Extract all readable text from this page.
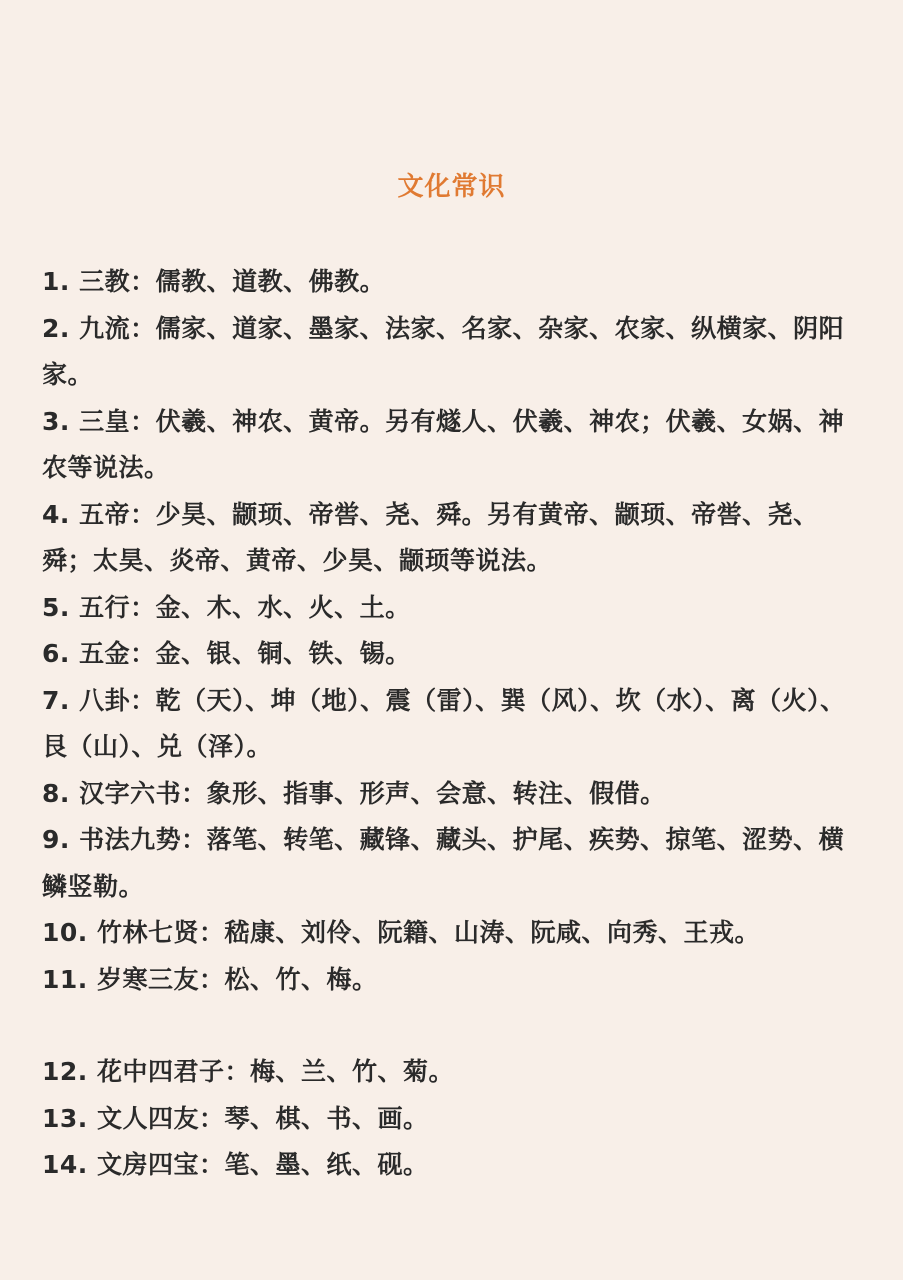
文化常识
1. 三教：儒教、道教、佛教。
2. 九流：儒家、道家、墨家、法家、名家、杂家、农家、纵横家、阴阳家。
3. 三皇：伏羲、神农、黄帝。另有燧人、伏羲、神农；伏羲、女娲、神农等说法。
4. 五帝：少昊、颛顼、帝喾、尧、舜。另有黄帝、颛顼、帝喾、尧、舜；太昊、炎帝、黄帝、少昊、颛顼等说法。
5. 五行：金、木、水、火、土。
6. 五金：金、银、铜、铁、锡。
7. 八卦：乾（天）、坤（地）、震（雷）、巽（风）、坎（水）、离（火）、艮（山）、兑（泽）。
8. 汉字六书：象形、指事、形声、会意、转注、假借。
9. 书法九势：落笔、转笔、藏锋、藏头、护尾、疾势、掠笔、涩势、横鳞竖勒。
10. 竹林七贤：嵇康、刘伶、阮籍、山涛、阮咸、向秀、王戎。
11. 岁寒三友：松、竹、梅。
12. 花中四君子：梅、兰、竹、菊。
13. 文人四友：琴、棋、书、画。
14. 文房四宝：笔、墨、纸、砚。
